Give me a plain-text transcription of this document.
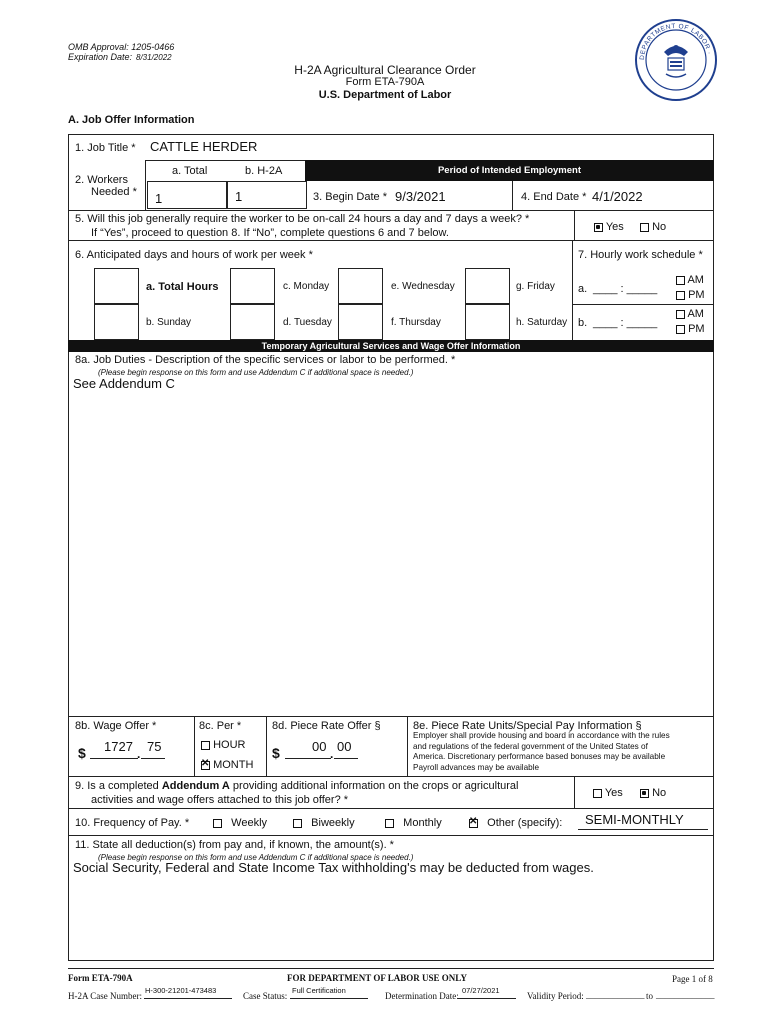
OMB Approval: 1205-0466
Expiration Date: 8/31/2022
H-2A Agricultural Clearance Order
Form ETA-790A
U.S. Department of Labor
DEPARTMENT OF LABOR ·
A. Job Offer Information
1. Job Title * CATTLE HERDER
2. Workers
Needed *
a. Total	b. H-2A
1	1
Period of Intended Employment
3. Begin Date * 9/3/2021	4. End Date * 4/1/2022
5. Will this job generally require the worker to be on-call 24 hours a day and 7 days a week? *
If “Yes”, proceed to question 8. If “No”, complete questions 6 and 7 below.	Yes	No
6. Anticipated days and hours of work per week *	7. Hourly work schedule *
a. Total Hours
b. Sunday
c. Monday
d. Tuesday
e. Wednesday
f. Thursday
g. Friday
h. Saturday
a. ____ : _____
AM
PM
b. ____ : _____
AM
PM
Temporary Agricultural Services and Wage Offer Information
8a. Job Duties - Description of the specific services or labor to be performed. *
(Please begin response on this form and use Addendum C if additional space is needed.)
See Addendum C
8b. Wage Offer *
$ 1727 75
.
8c. Per *
HOUR
✕ MONTH
8d. Piece Rate Offer §
$ 00 00
.
8e. Piece Rate Units/Special Pay Information §
Employer shall provide housing and board in accordance with the rules
and regulations of the federal government of the United States of
America. Discretionary performance based bonuses may be available
Payroll advances may be available
9. Is a completed Addendum A providing additional information on the crops or agricultural
activities and wage offers attached to this job offer? *
Yes	No
10. Frequency of Pay. *	Weekly	Biweekly	Monthly
✕	Other (specify): SEMI-MONTHLY
11. State all deduction(s) from pay and, if known, the amount(s). *
(Please begin response on this form and use Addendum C if additional space is needed.)
Social Security, Federal and State Income Tax withholding's may be deducted from wages.
Form ETA-790A	FOR DEPARTMENT OF LABOR USE ONLY	Page 1 of 8
H-2A Case Number:
H-300-21201-473483
Case Status:
Full Certification
Determination Date:
07/27/2021
Validity Period: _____________ to _____________
